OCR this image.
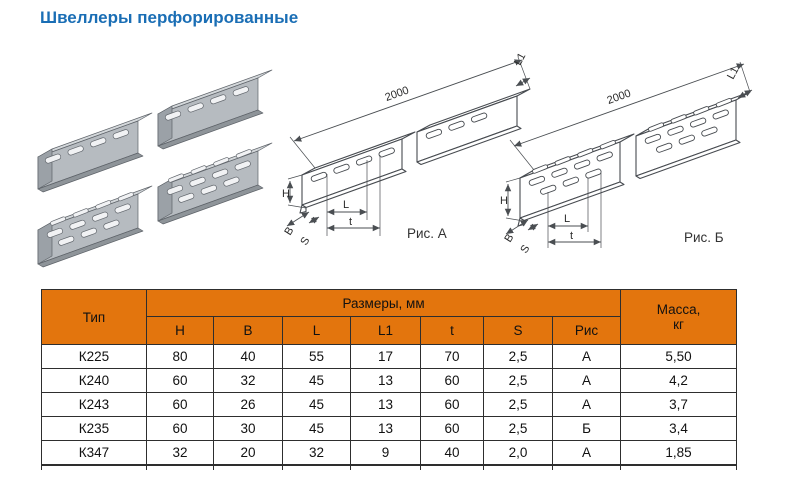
Швеллеры перфорированные
2000
H
В
S
L
t
L1
Рис. А
2000
H
В
S
L
t
L1
Рис. Б
Тип	Размеры, мм							Масса,
кг

	H	B	L	L1	t	S	Рис	
К225	80	40	55	17	70	2,5	А	5,50
К240	60	32	45	13	60	2,5	А	4,2
К243	60	26	45	13	60	2,5	А	3,7
К235	60	30	45	13	60	2,5	Б	3,4
К347	32	20	32	9	40	2,0	А	1,85
